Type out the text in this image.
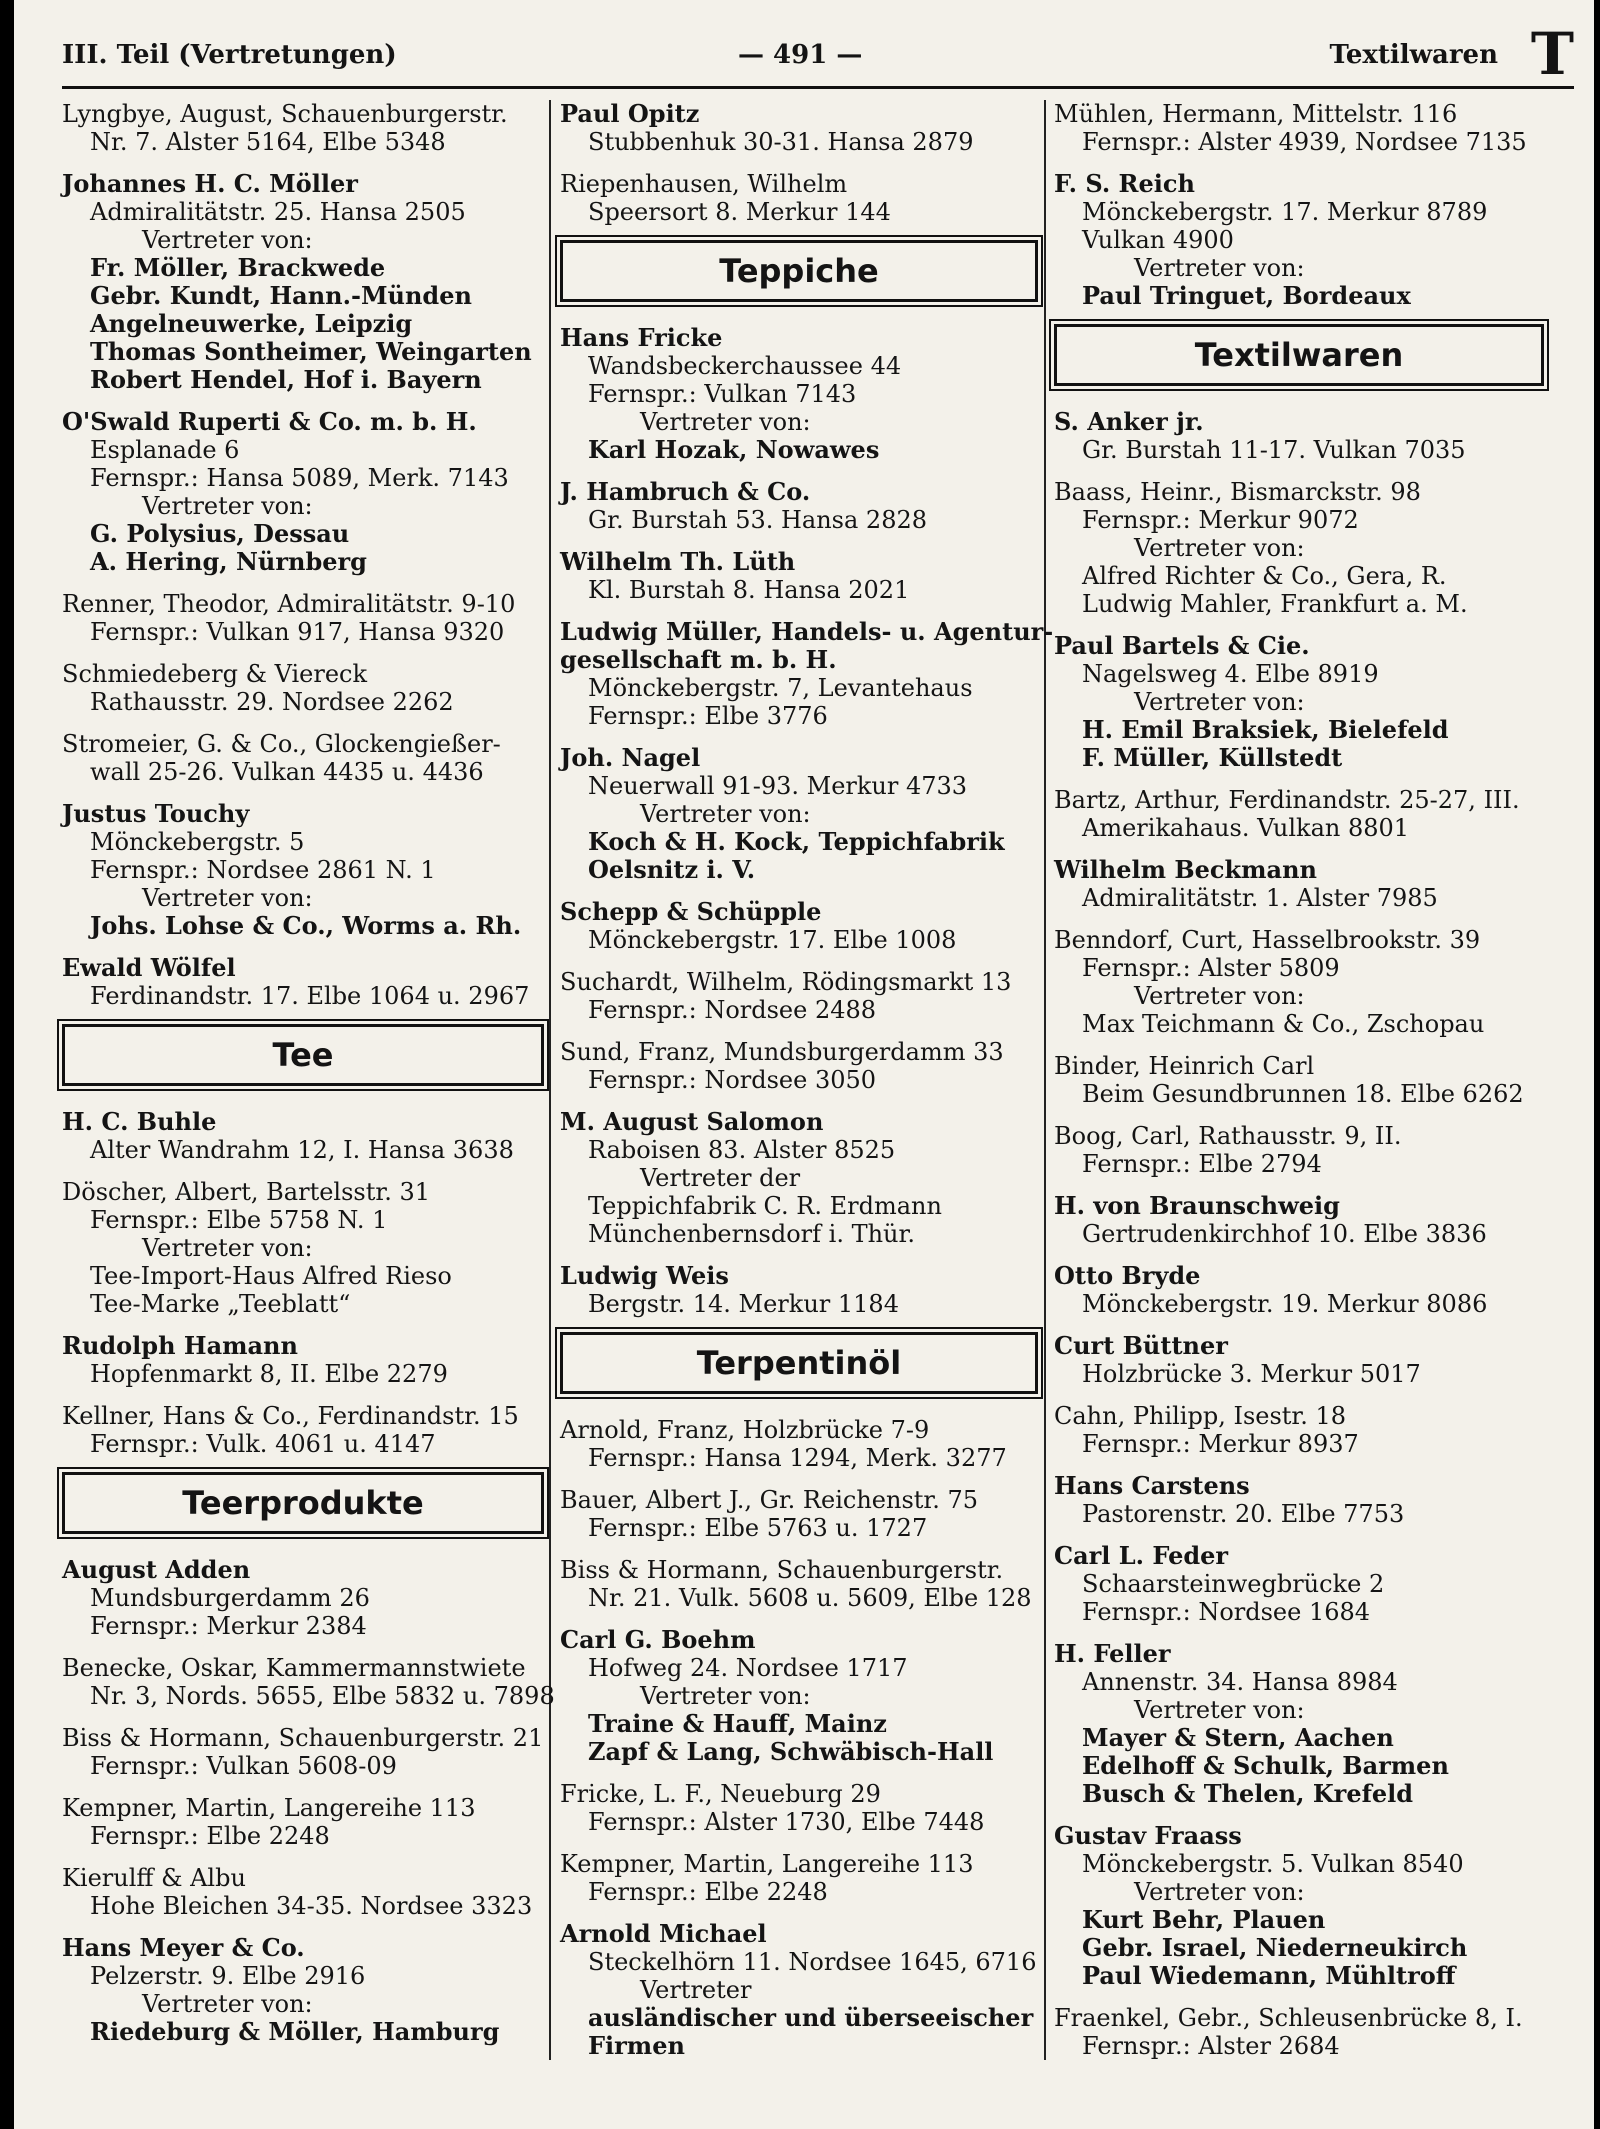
III. Teil (Vertretungen)	— 491 —	Textilwaren T
Lyngbye, August, Schauenburgerstr.
Nr. 7. Alster 5164, Elbe 5348
Johannes H. C. Möller
Admiralitätstr. 25. Hansa 2505
Vertreter von:
Fr. Möller, Brackwede
Gebr. Kundt, Hann.-Münden
Angelneuwerke, Leipzig
Thomas Sontheimer, Weingarten
Robert Hendel, Hof i. Bayern
O'Swald Ruperti & Co. m. b. H.
Esplanade 6
Fernspr.: Hansa 5089, Merk. 7143
Vertreter von:
G. Polysius, Dessau
A. Hering, Nürnberg
Renner, Theodor, Admiralitätstr. 9-10
Fernspr.: Vulkan 917, Hansa 9320
Schmiedeberg & Viereck
Rathausstr. 29. Nordsee 2262
Stromeier, G. & Co., Glockengießer-
wall 25-26. Vulkan 4435 u. 4436
Justus Touchy
Mönckebergstr. 5
Fernspr.: Nordsee 2861 N. 1
Vertreter von:
Johs. Lohse & Co., Worms a. Rh.
Ewald Wölfel
Ferdinandstr. 17. Elbe 1064 u. 2967
Tee
H. C. Buhle
Alter Wandrahm 12, I. Hansa 3638
Döscher, Albert, Bartelsstr. 31
Fernspr.: Elbe 5758 N. 1
Vertreter von:
Tee-Import-Haus Alfred Rieso
Tee-Marke „Teeblatt“
Rudolph Hamann
Hopfenmarkt 8, II. Elbe 2279
Kellner, Hans & Co., Ferdinandstr. 15
Fernspr.: Vulk. 4061 u. 4147
Teerprodukte
August Adden
Mundsburgerdamm 26
Fernspr.: Merkur 2384
Benecke, Oskar, Kammermannstwiete
Nr. 3, Nords. 5655, Elbe 5832 u. 7898
Biss & Hormann, Schauenburgerstr. 21
Fernspr.: Vulkan 5608-09
Kempner, Martin, Langereihe 113
Fernspr.: Elbe 2248
Kierulff & Albu
Hohe Bleichen 34-35. Nordsee 3323
Hans Meyer & Co.
Pelzerstr. 9. Elbe 2916
Vertreter von:
Riedeburg & Möller, Hamburg
Paul Opitz
Stubbenhuk 30-31. Hansa 2879
Riepenhausen, Wilhelm
Speersort 8. Merkur 144
Teppiche
Hans Fricke
Wandsbeckerchaussee 44
Fernspr.: Vulkan 7143
Vertreter von:
Karl Hozak, Nowawes
J. Hambruch & Co.
Gr. Burstah 53. Hansa 2828
Wilhelm Th. Lüth
Kl. Burstah 8. Hansa 2021
Ludwig Müller, Handels- u. Agentur-
gesellschaft m. b. H.
Mönckebergstr. 7, Levantehaus
Fernspr.: Elbe 3776
Joh. Nagel
Neuerwall 91-93. Merkur 4733
Vertreter von:
Koch & H. Kock, Teppichfabrik
Oelsnitz i. V.
Schepp & Schüpple
Mönckebergstr. 17. Elbe 1008
Suchardt, Wilhelm, Rödingsmarkt 13
Fernspr.: Nordsee 2488
Sund, Franz, Mundsburgerdamm 33
Fernspr.: Nordsee 3050
M. August Salomon
Raboisen 83. Alster 8525
Vertreter der
Teppichfabrik C. R. Erdmann
Münchenbernsdorf i. Thür.
Ludwig Weis
Bergstr. 14. Merkur 1184
Terpentinöl
Arnold, Franz, Holzbrücke 7-9
Fernspr.: Hansa 1294, Merk. 3277
Bauer, Albert J., Gr. Reichenstr. 75
Fernspr.: Elbe 5763 u. 1727
Biss & Hormann, Schauenburgerstr.
Nr. 21. Vulk. 5608 u. 5609, Elbe 128
Carl G. Boehm
Hofweg 24. Nordsee 1717
Vertreter von:
Traine & Hauff, Mainz
Zapf & Lang, Schwäbisch-Hall
Fricke, L. F., Neueburg 29
Fernspr.: Alster 1730, Elbe 7448
Kempner, Martin, Langereihe 113
Fernspr.: Elbe 2248
Arnold Michael
Steckelhörn 11. Nordsee 1645, 6716
Vertreter
ausländischer und überseeischer
Firmen
Mühlen, Hermann, Mittelstr. 116
Fernspr.: Alster 4939, Nordsee 7135
F. S. Reich
Mönckebergstr. 17. Merkur 8789
Vulkan 4900
Vertreter von:
Paul Tringuet, Bordeaux
Textilwaren
S. Anker jr.
Gr. Burstah 11-17. Vulkan 7035
Baass, Heinr., Bismarckstr. 98
Fernspr.: Merkur 9072
Vertreter von:
Alfred Richter & Co., Gera, R.
Ludwig Mahler, Frankfurt a. M.
Paul Bartels & Cie.
Nagelsweg 4. Elbe 8919
Vertreter von:
H. Emil Braksiek, Bielefeld
F. Müller, Küllstedt
Bartz, Arthur, Ferdinandstr. 25-27, III.
Amerikahaus. Vulkan 8801
Wilhelm Beckmann
Admiralitätstr. 1. Alster 7985
Benndorf, Curt, Hasselbrookstr. 39
Fernspr.: Alster 5809
Vertreter von:
Max Teichmann & Co., Zschopau
Binder, Heinrich Carl
Beim Gesundbrunnen 18. Elbe 6262
Boog, Carl, Rathausstr. 9, II.
Fernspr.: Elbe 2794
H. von Braunschweig
Gertrudenkirchhof 10. Elbe 3836
Otto Bryde
Mönckebergstr. 19. Merkur 8086
Curt Büttner
Holzbrücke 3. Merkur 5017
Cahn, Philipp, Isestr. 18
Fernspr.: Merkur 8937
Hans Carstens
Pastorenstr. 20. Elbe 7753
Carl L. Feder
Schaarsteinwegbrücke 2
Fernspr.: Nordsee 1684
H. Feller
Annenstr. 34. Hansa 8984
Vertreter von:
Mayer & Stern, Aachen
Edelhoff & Schulk, Barmen
Busch & Thelen, Krefeld
Gustav Fraass
Mönckebergstr. 5. Vulkan 8540
Vertreter von:
Kurt Behr, Plauen
Gebr. Israel, Niederneukirch
Paul Wiedemann, Mühltroff
Fraenkel, Gebr., Schleusenbrücke 8, I.
Fernspr.: Alster 2684
